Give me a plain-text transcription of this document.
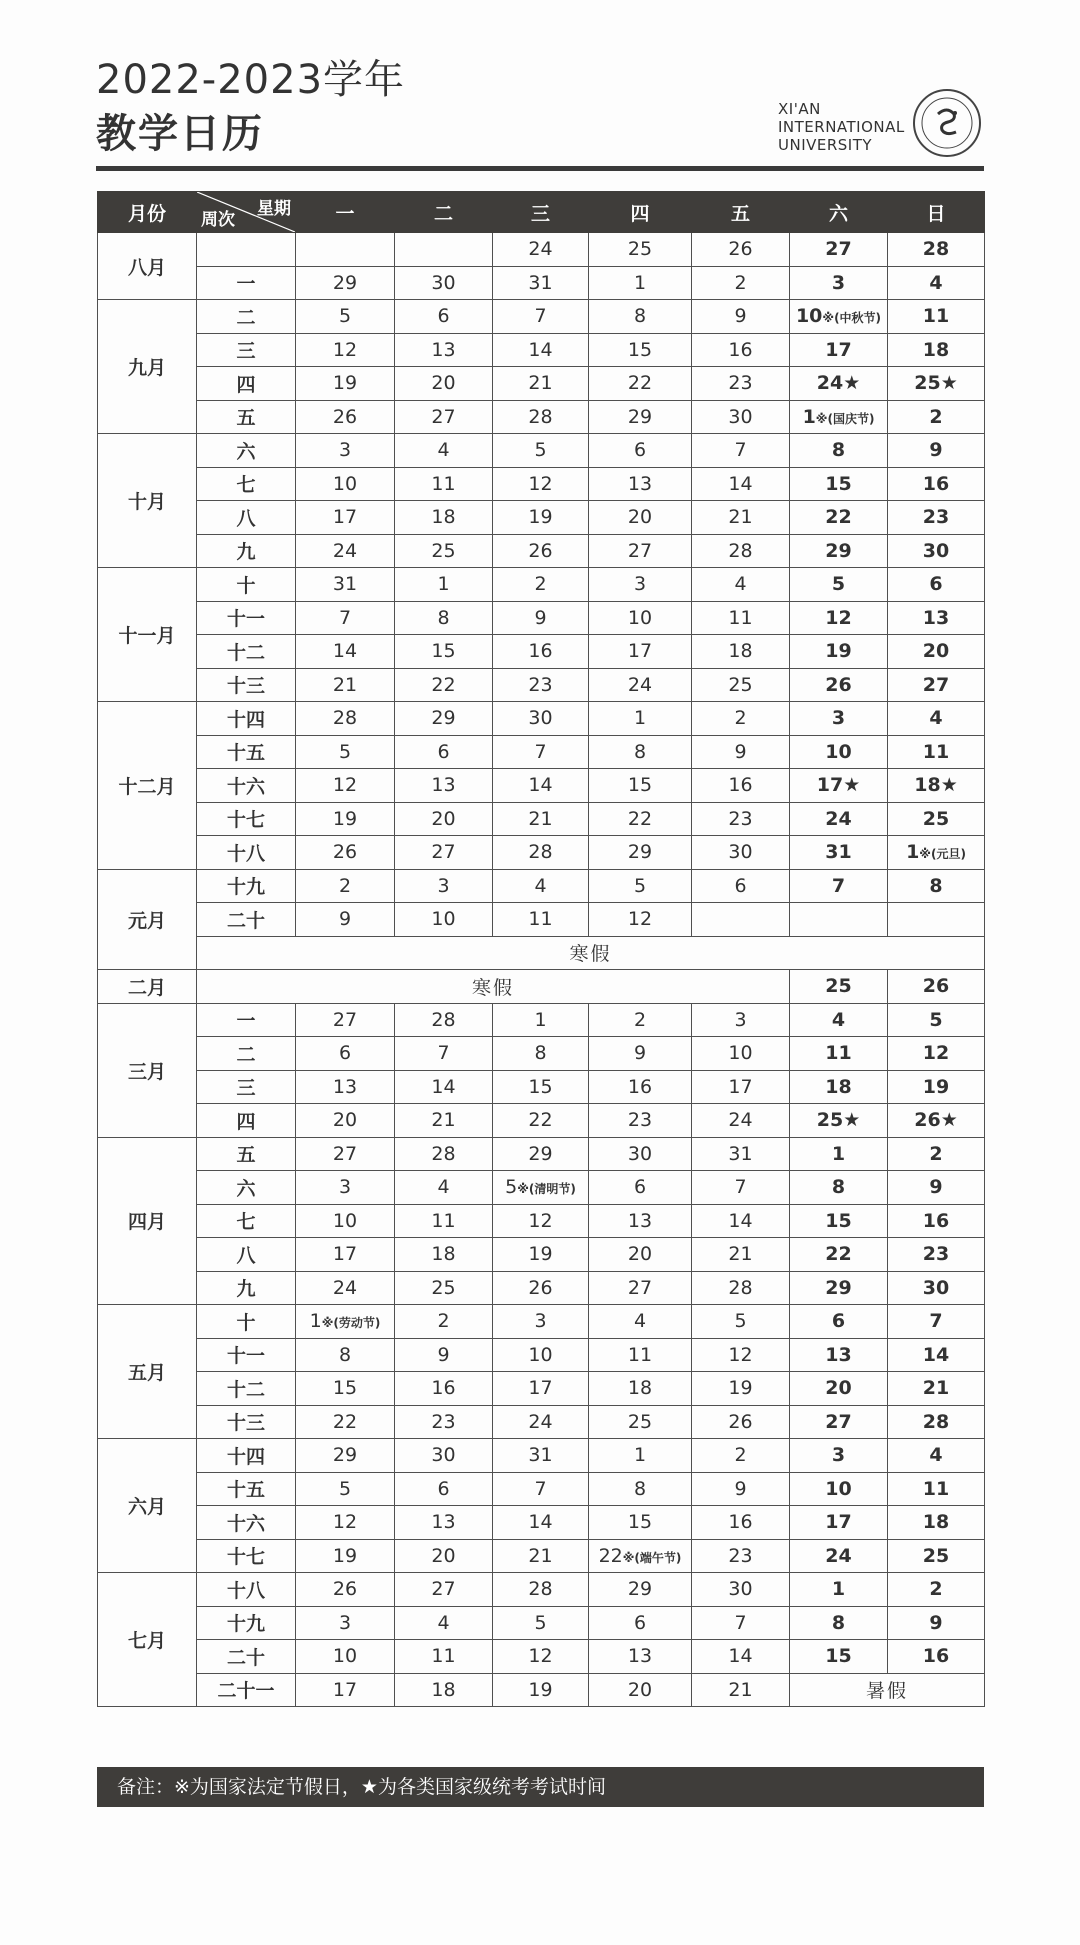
2022-2023学年
教学日历
XI'AN
INTERNATIONAL
UNIVERSITY
月份	星期
周次	一	二	三	四	五	六	日
八月				24	25	26	27	28
	一	29	30	31	1	2	3	4
九月	二	5	6	7	8	9	10※(中秋节)	11
	三	12	13	14	15	16	17	18
	四	19	20	21	22	23	24★	25★
	五	26	27	28	29	30	1※(国庆节)	2
十月	六	3	4	5	6	7	8	9
	七	10	11	12	13	14	15	16
	八	17	18	19	20	21	22	23
	九	24	25	26	27	28	29	30
十一月	十	31	1	2	3	4	5	6
	十一	7	8	9	10	11	12	13
	十二	14	15	16	17	18	19	20
	十三	21	22	23	24	25	26	27
十二月	十四	28	29	30	1	2	3	4
	十五	5	6	7	8	9	10	11
	十六	12	13	14	15	16	17★	18★
	十七	19	20	21	22	23	24	25
	十八	26	27	28	29	30	31	1※(元旦)
元月	十九	2	3	4	5	6	7	8
	二十	9	10	11	12			
	寒假							
二月	寒假						25	26
三月	一	27	28	1	2	3	4	5
	二	6	7	8	9	10	11	12
	三	13	14	15	16	17	18	19
	四	20	21	22	23	24	25★	26★
四月	五	27	28	29	30	31	1	2
	六	3	4	5※(清明节)	6	7	8	9
	七	10	11	12	13	14	15	16
	八	17	18	19	20	21	22	23
	九	24	25	26	27	28	29	30
五月	十	1※(劳动节)	2	3	4	5	6	7
	十一	8	9	10	11	12	13	14
	十二	15	16	17	18	19	20	21
	十三	22	23	24	25	26	27	28
六月	十四	29	30	31	1	2	3	4
	十五	5	6	7	8	9	10	11
	十六	12	13	14	15	16	17	18
	十七	19	20	21	22※(端午节)	23	24	25
七月	十八	26	27	28	29	30	1	2
	十九	3	4	5	6	7	8	9
	二十	10	11	12	13	14	15	16
	二十一	17	18	19	20	21	暑假	
备注：※为国家法定节假日，★为各类国家级统考考试时间
